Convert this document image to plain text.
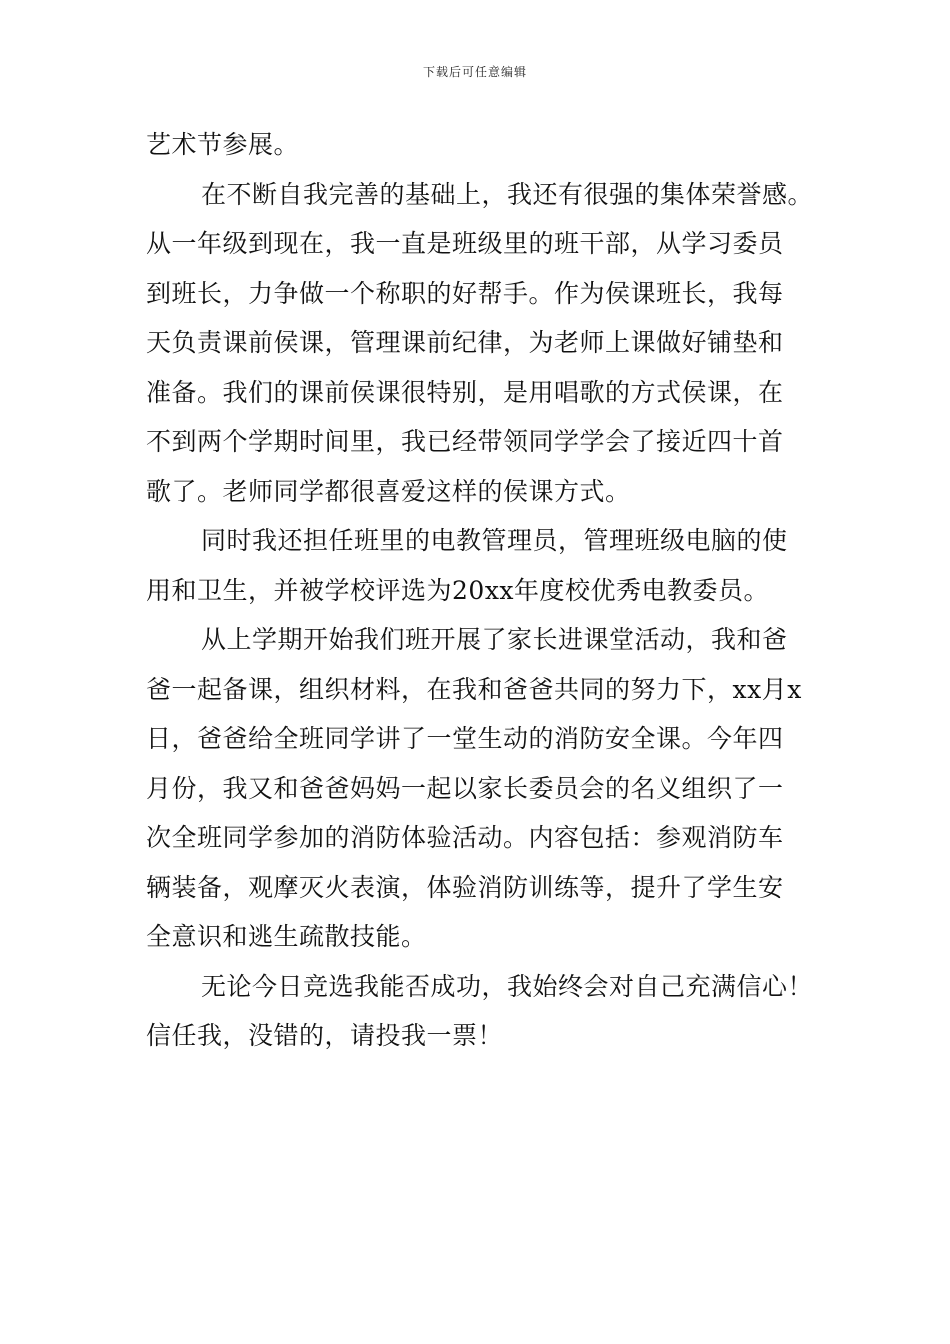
下载后可任意编辑
艺术节参展。
在不断自我完善的基础上，我还有很强的集体荣誉感。
从一年级到现在，我一直是班级里的班干部，从学习委员
到班长，力争做一个称职的好帮手。作为侯课班长，我每
天负责课前侯课，管理课前纪律，为老师上课做好铺垫和
准备。我们的课前侯课很特别，是用唱歌的方式侯课，在
不到两个学期时间里，我已经带领同学学会了接近四十首
歌了。老师同学都很喜爱这样的侯课方式。
同时我还担任班里的电教管理员，管理班级电脑的使
用和卫生，并被学校评选为20xx年度校优秀电教委员。
从上学期开始我们班开展了家长进课堂活动，我和爸
爸一起备课，组织材料，在我和爸爸共同的努力下，xx月x
日，爸爸给全班同学讲了一堂生动的消防安全课。今年四
月份，我又和爸爸妈妈一起以家长委员会的名义组织了一
次全班同学参加的消防体验活动。内容包括：参观消防车
辆装备，观摩灭火表演，体验消防训练等，提升了学生安
全意识和逃生疏散技能。
无论今日竞选我能否成功，我始终会对自己充满信心！
信任我，没错的，请投我一票！
